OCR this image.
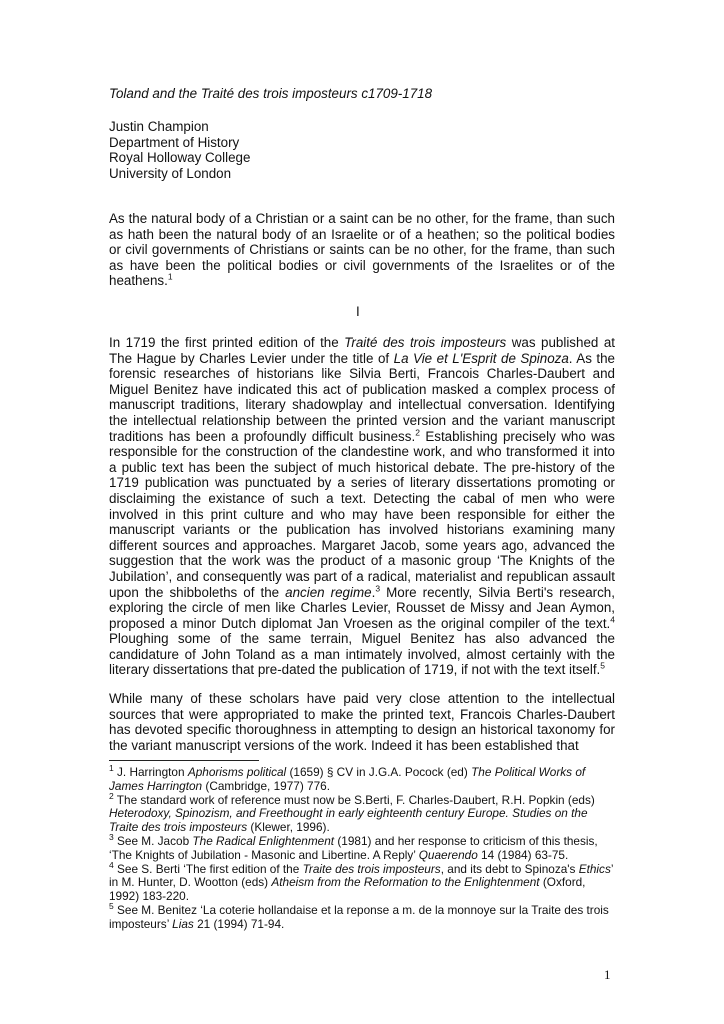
Toland and the Traité des trois imposteurs c1709-1718
Justin Champion
Department of History
Royal Holloway College
University of London

As the natural body of a Christian or a saint can be no other, for the frame, than such as hath been the natural body of an Israelite or of a heathen; so the political bodies or civil governments of Christians or saints can be no other, for the frame, than such as have been the political bodies or civil governments of the Israelites or of the heathens.$^1$

I

In 1719 the first printed edition of the Traité des trois imposteurs was published at The Hague by Charles Levier under the title of La Vie et L'Esprit de Spinoza. As the forensic researches of historians like Silvia Berti, Francois Charles-Daubert and Miguel Benitez have indicated this act of publication masked a complex process of manuscript traditions, literary shadowplay and intellectual conversation. Identifying the intellectual relationship between the printed version and the variant manuscript traditions has been a profoundly difficult business.$^2$ Establishing precisely who was responsible for the construction of the clandestine work, and who transformed it into a public text has been the subject of much historical debate. The pre-history of the 1719 publication was punctuated by a series of literary dissertations promoting or disclaiming the existance of such a text. Detecting the cabal of men who were involved in this print culture and who may have been responsible for either the manuscript variants or the publication has involved historians examining many different sources and approaches. Margaret Jacob, some years ago, advanced the suggestion that the work was the product of a masonic group ‘The Knights of the Jubilation’, and consequently was part of a radical, materialist and republican assault upon the shibboleths of the ancien regime.$^3$ More recently, Silvia Berti's research, exploring the circle of men like Charles Levier, Rousset de Missy and Jean Aymon, proposed a minor Dutch diplomat Jan Vroesen as the original compiler of the text.$^4$ Ploughing some of the same terrain, Miguel Benitez has also advanced the candidature of John Toland as a man intimately involved, almost certainly with the literary dissertations that pre-dated the publication of 1719, if not with the text itself.$^5$

While many of these scholars have paid very close attention to the intellectual sources that were appropriated to make the printed text, Francois Charles-Daubert has devoted specific thoroughness in attempting to design an historical taxonomy for the variant manuscript versions of the work. Indeed it has been established that

$^1$ J. Harrington Aphorisms political (1659) § CV in J.G.A. Pocock (ed) The Political Works of James Harrington (Cambridge, 1977) 776.

$^2$ The standard work of reference must now be S.Berti, F. Charles-Daubert, R.H. Popkin (eds) Heterodoxy, Spinozism, and Freethought in early eighteenth century Europe. Studies on the Traite des trois imposteurs (Klewer, 1996).

$^3$ See M. Jacob The Radical Enlightenment (1981) and her response to criticism of this thesis, ‘The Knights of Jubilation - Masonic and Libertine. A Reply’ Quaerendo 14 (1984) 63-75.

$^4$ See S. Berti ‘The first edition of the Traite des trois imposteurs, and its debt to Spinoza's Ethics’ in M. Hunter, D. Wootton (eds) Atheism from the Reformation to the Enlightenment (Oxford, 1992) 183-220.

$^5$ See M. Benitez ‘La coterie hollandaise et la reponse a m. de la monnoye sur la Traite des trois imposteurs’ Lias 21 (1994) 71-94.

1
